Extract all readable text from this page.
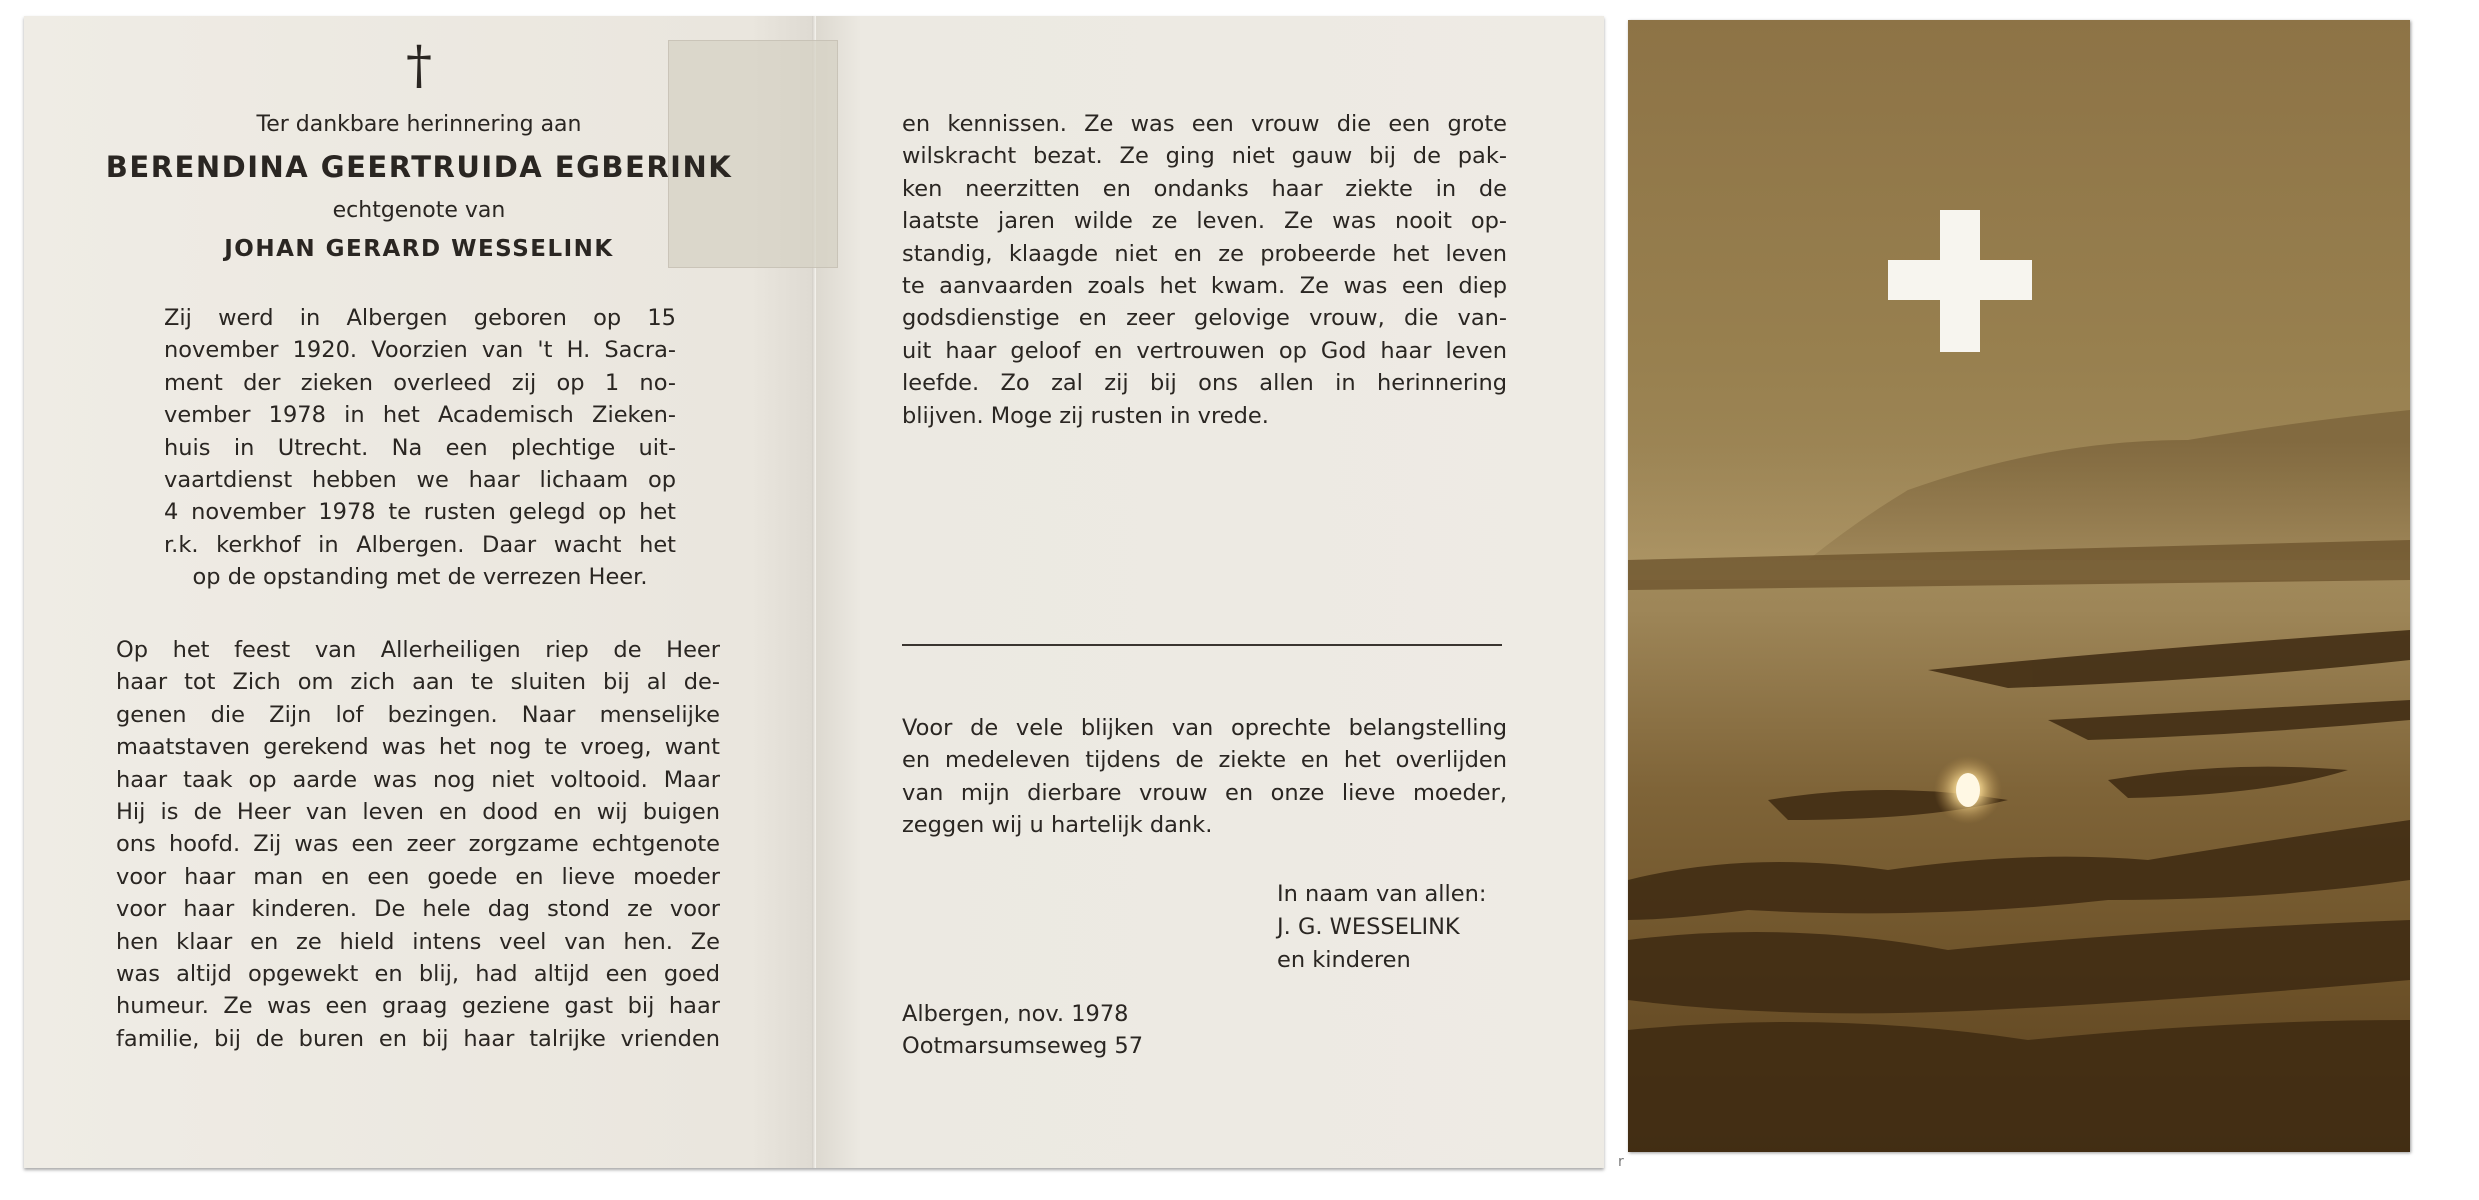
†
Ter dankbare herinnering aan
BERENDINA GEERTRUIDA EGBERINK
echtgenote van
JOHAN GERARD WESSELINK
Zij werd in Albergen geboren op 15
november 1920. Voorzien van 't H. Sacra-
ment der zieken overleed zij op 1 no-
vember 1978 in het Academisch Zieken-
huis in Utrecht. Na een plechtige uit-
vaartdienst hebben we haar lichaam op
4 november 1978 te rusten gelegd op het
r.k. kerkhof in Albergen. Daar wacht het
op de opstanding met de verrezen Heer.
Op het feest van Allerheiligen riep de Heer
haar tot Zich om zich aan te sluiten bij al de-
genen die Zijn lof bezingen. Naar menselijke
maatstaven gerekend was het nog te vroeg, want
haar taak op aarde was nog niet voltooid. Maar
Hij is de Heer van leven en dood en wij buigen
ons hoofd. Zij was een zeer zorgzame echtgenote
voor haar man en een goede en lieve moeder
voor haar kinderen. De hele dag stond ze voor
hen klaar en ze hield intens veel van hen. Ze
was altijd opgewekt en blij, had altijd een goed
humeur. Ze was een graag geziene gast bij haar
familie, bij de buren en bij haar talrijke vrienden
en kennissen. Ze was een vrouw die een grote
wilskracht bezat. Ze ging niet gauw bij de pak-
ken neerzitten en ondanks haar ziekte in de
laatste jaren wilde ze leven. Ze was nooit op-
standig, klaagde niet en ze probeerde het leven
te aanvaarden zoals het kwam. Ze was een diep
godsdienstige en zeer gelovige vrouw, die van-
uit haar geloof en vertrouwen op God haar leven
leefde. Zo zal zij bij ons allen in herinnering
blijven. Moge zij rusten in vrede.
Voor de vele blijken van oprechte belangstelling
en medeleven tijdens de ziekte en het overlijden
van mijn dierbare vrouw en onze lieve moeder,
zeggen wij u hartelijk dank.
In naam van allen:
J. G. WESSELINK
en kinderen
Albergen, nov. 1978
Ootmarsumseweg 57
r
